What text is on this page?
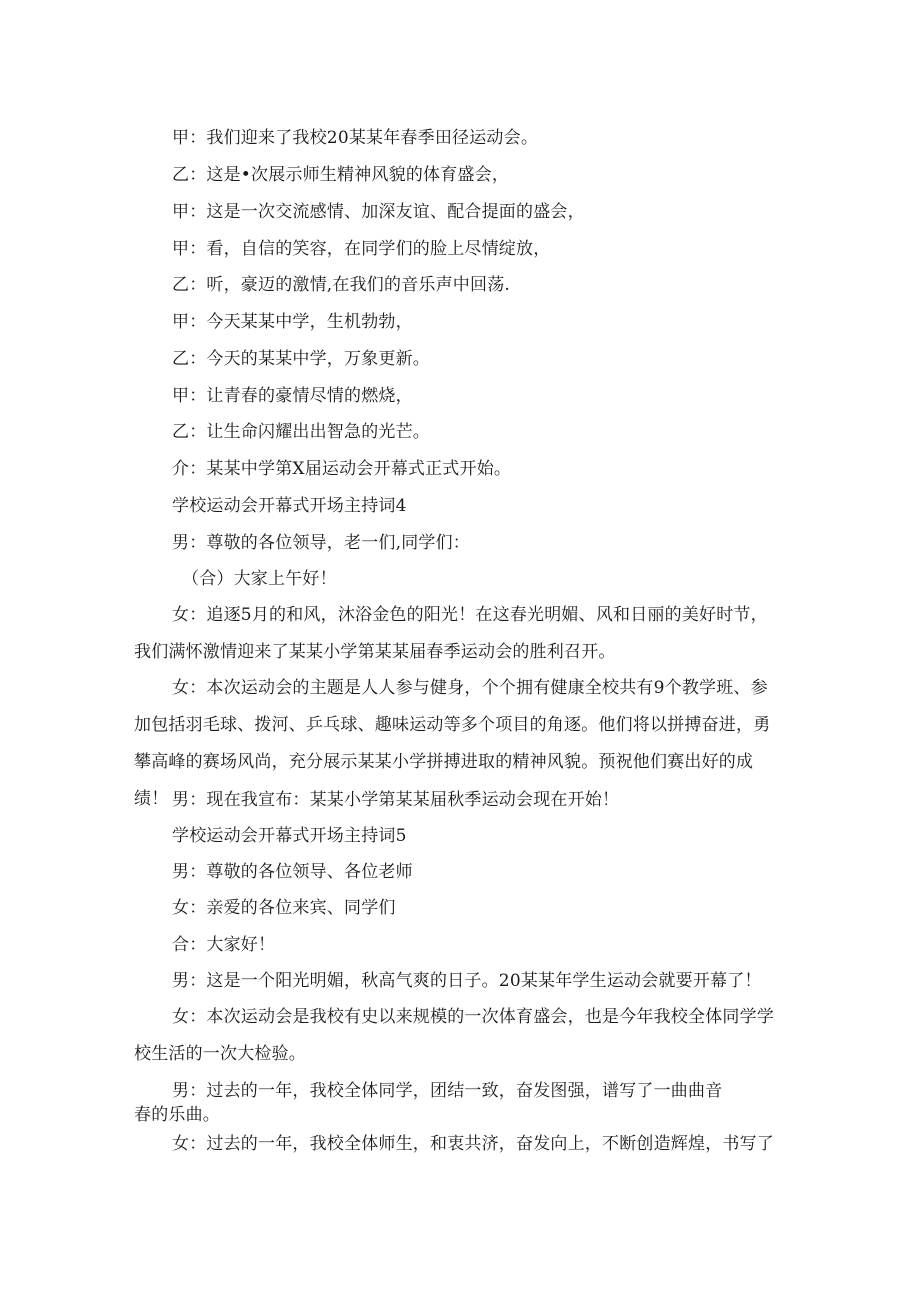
甲：我们迎来了我校20某某年春季田径运动会。

乙：这是•次展示师生精神风貌的体育盛会，

甲：这是一次交流感情、加深友谊、配合提面的盛会，

甲：看，自信的笑容，在同学们的脸上尽情绽放，

乙：听，豪迈的激情,在我们的音乐声中回荡.

甲：今天某某中学，生机勃勃，

乙：今天的某某中学，万象更新。

甲：让青春的豪情尽情的燃烧，

乙：让生命闪耀出出智急的光芒。

介：某某中学第X届运动会开幕式正式开始。

学校运动会开幕式开场主持词4

男：尊敬的各位领导，老一们,同学们：

（合）大家上午好！

女：追逐5月的和风，沐浴金色的阳光！在这春光明媚、风和日丽的美好时节，我们满怀激情迎来了某某小学第某某届春季运动会的胜利召开。

女：本次运动会的主题是人人参与健身，个个拥有健康全校共有9个教学班、参加包括羽毛球、拨河、乒乓球、趣味运动等多个项目的角逐。他们将以拼搏奋进，勇攀高峰的赛场风尚，充分展示某某小学拼搏进取的精神风貌。预祝他们赛出好的成绩！ 男：现在我宣布：某某小学第某某届秋季运动会现在开始！

学校运动会开幕式开场主持词5

男：尊敬的各位领导、各位老师

女：亲爱的各位来宾、同学们

合：大家好！

男：这是一个阳光明媚，秋高气爽的日子。20某某年学生运动会就要开幕了！

女：本次运动会是我校有史以来规模的一次体育盛会，也是今年我校全体同学学校生活的一次大检验。

男：过去的一年，我校全体同学，团结一致，奋发图强，谱写了一曲曲音

春的乐曲。

女：过去的一年，我校全体师生，和衷共济，奋发向上，不断创造辉煌，书写了
